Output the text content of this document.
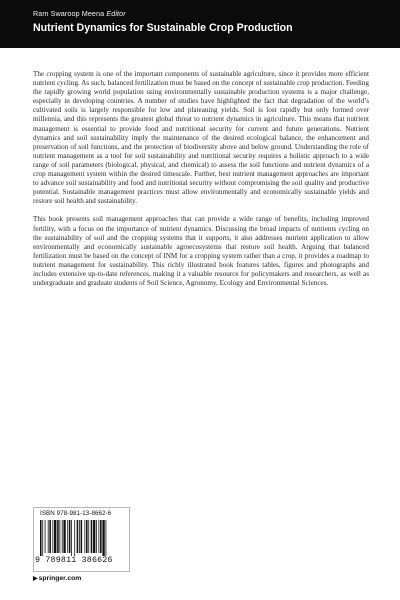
Ram Swaroop Meena Editor
Nutrient Dynamics for Sustainable Crop Production

The cropping system is one of the important components of sustainable agriculture, since it provides more efficient nutrient cycling. As such, balanced fertilization must be based on the concept of sustainable crop production. Feeding the rapidly growing world population using environmentally sustainable production systems is a major challenge, especially in developing countries. A number of studies have highlighted the fact that degradation of the world’s cultivated soils is largely responsible for low and plateauing yields. Soil is lost rapidly but only formed over millennia, and this represents the greatest global threat to nutrient dynamics in agriculture. This means that nutrient management is essential to provide food and nutritional security for current and future generations. Nutrient dynamics and soil sustainability imply the maintenance of the desired ecological balance, the enhancement and preservation of soil functions, and the protection of biodiversity above and below ground. Understanding the role of nutrient management as a tool for soil sustainability and nutritional security requires a holistic approach to a wide range of soil parameters (biological, physical, and chemical) to assess the soil functions and nutrient dynamics of a crop management system within the desired timescale. Further, best nutrient management approaches are important to advance soil sustainability and food and nutritional security without compromising the soil quality and productive potential. Sustainable management practices must allow environmentally and economically sustainable yields and restore soil health and sustainability.

This book presents soil management approaches that can provide a wide range of benefits, including improved fertility, with a focus on the importance of nutrient dynamics. Discussing the broad impacts of nutrients cycling on the sustainability of soil and the cropping systems that it supports, it also addresses nutrient application to allow environmentally and economically sustainable agroecosystems that restore soil health. Arguing that balanced fertilization must be based on the concept of INM for a cropping system rather than a crop, it provides a roadmap to nutrient management for sustainability. This richly illustrated book features tables, figures and photographs and includes extensive up-to-date references, making it a valuable resource for policymakers and researchers, as well as undergraduate and graduate students of Soil Science, Agronomy, Ecology and Environmental Sciences.

ISBN 978-981-13-8662-6
9 789811 386626
▶ springer.com
